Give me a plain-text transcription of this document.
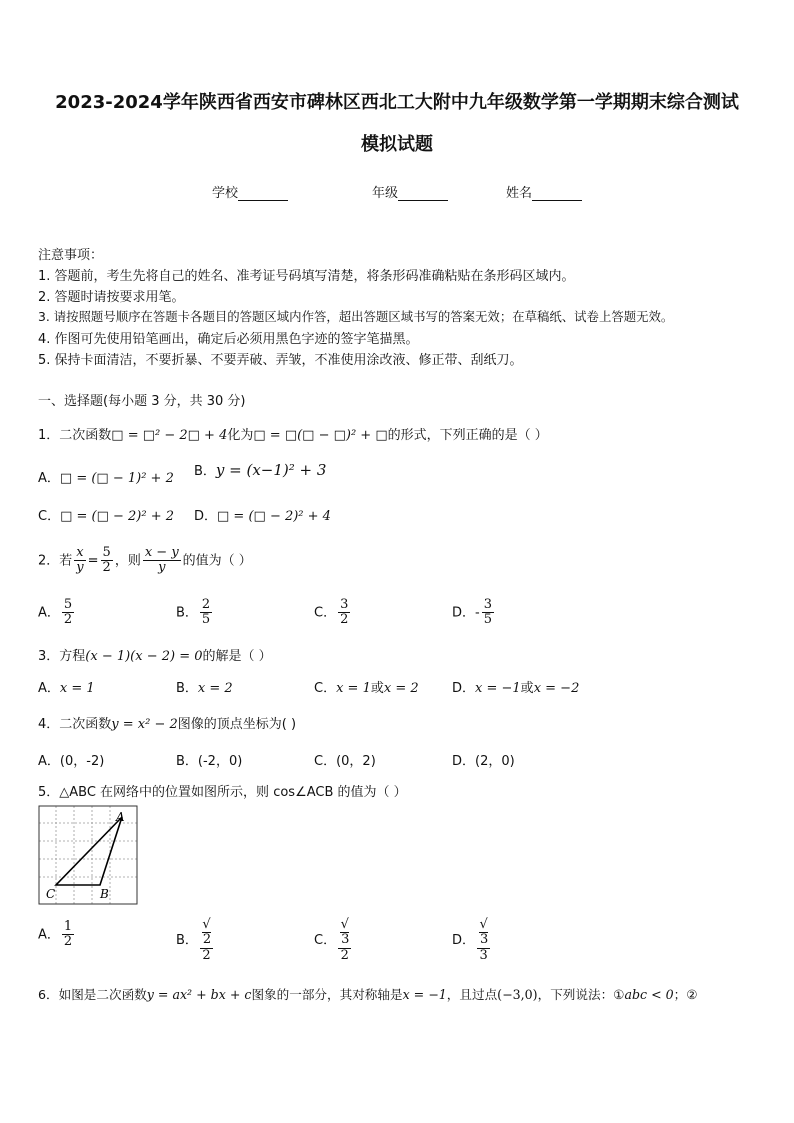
2023-2024学年陕西省西安市碑林区西北工大附中九年级数学第一学期期末综合测试
模拟试题
学校	年级	姓名
注意事项：
1. 答题前，考生先将自己的姓名、准考证号码填写清楚，将条形码准确粘贴在条形码区域内。
2. 答题时请按要求用笔。
3. 请按照题号顺序在答题卡各题目的答题区域内作答，超出答题区域书写的答案无效；在草稿纸、试卷上答题无效。
4. 作图可先使用铅笔画出，确定后必须用黑色字迹的签字笔描黑。
5. 保持卡面清洁，不要折暴、不要弄破、弄皱，不准使用涂改液、修正带、刮纸刀。
一、选择题(每小题 3 分，共 30 分)
1．二次函数□ = □² − 2□ + 4化为□ = □(□ − □)² + □的形式，下列正确的是（ ）
A．□ = (□ − 1)² + 2 B．y = (x−1)² + 3
C．□ = (□ − 2)² + 2 D．□ = (□ − 2)² + 4
2．若 $\frac{x}{y} = \frac{5}{2}$ ，则 $\frac{x - y}{y}$ 的值为（ ）
A． $\frac{5}{2}$	B． $\frac{2}{5}$	C． $\frac{3}{2}$	D．- $\frac{3}{5}$
3．方程(x − 1)(x − 2) = 0的解是（ ）
A．x = 1	B．x = 2	C．x = 1或x = 2	D．x = −1或x = −2
4．二次函数y = x² − 2图像的顶点坐标为( )
A．(0，-2)	B．(-2，0)	C．(0，2)	D．(2，0)
5．△ABC 在网络中的位置如图所示，则 cos∠ACB 的值为（ ）
A
B
C
A． $\frac{1}{2}$	B． √
2
2	C． √
3
2	D． √
3
3
6．如图是二次函数y = ax² + bx + c图象的一部分，其对称轴是x = −1，且过点(−3,0)，下列说法：①abc < 0；②
